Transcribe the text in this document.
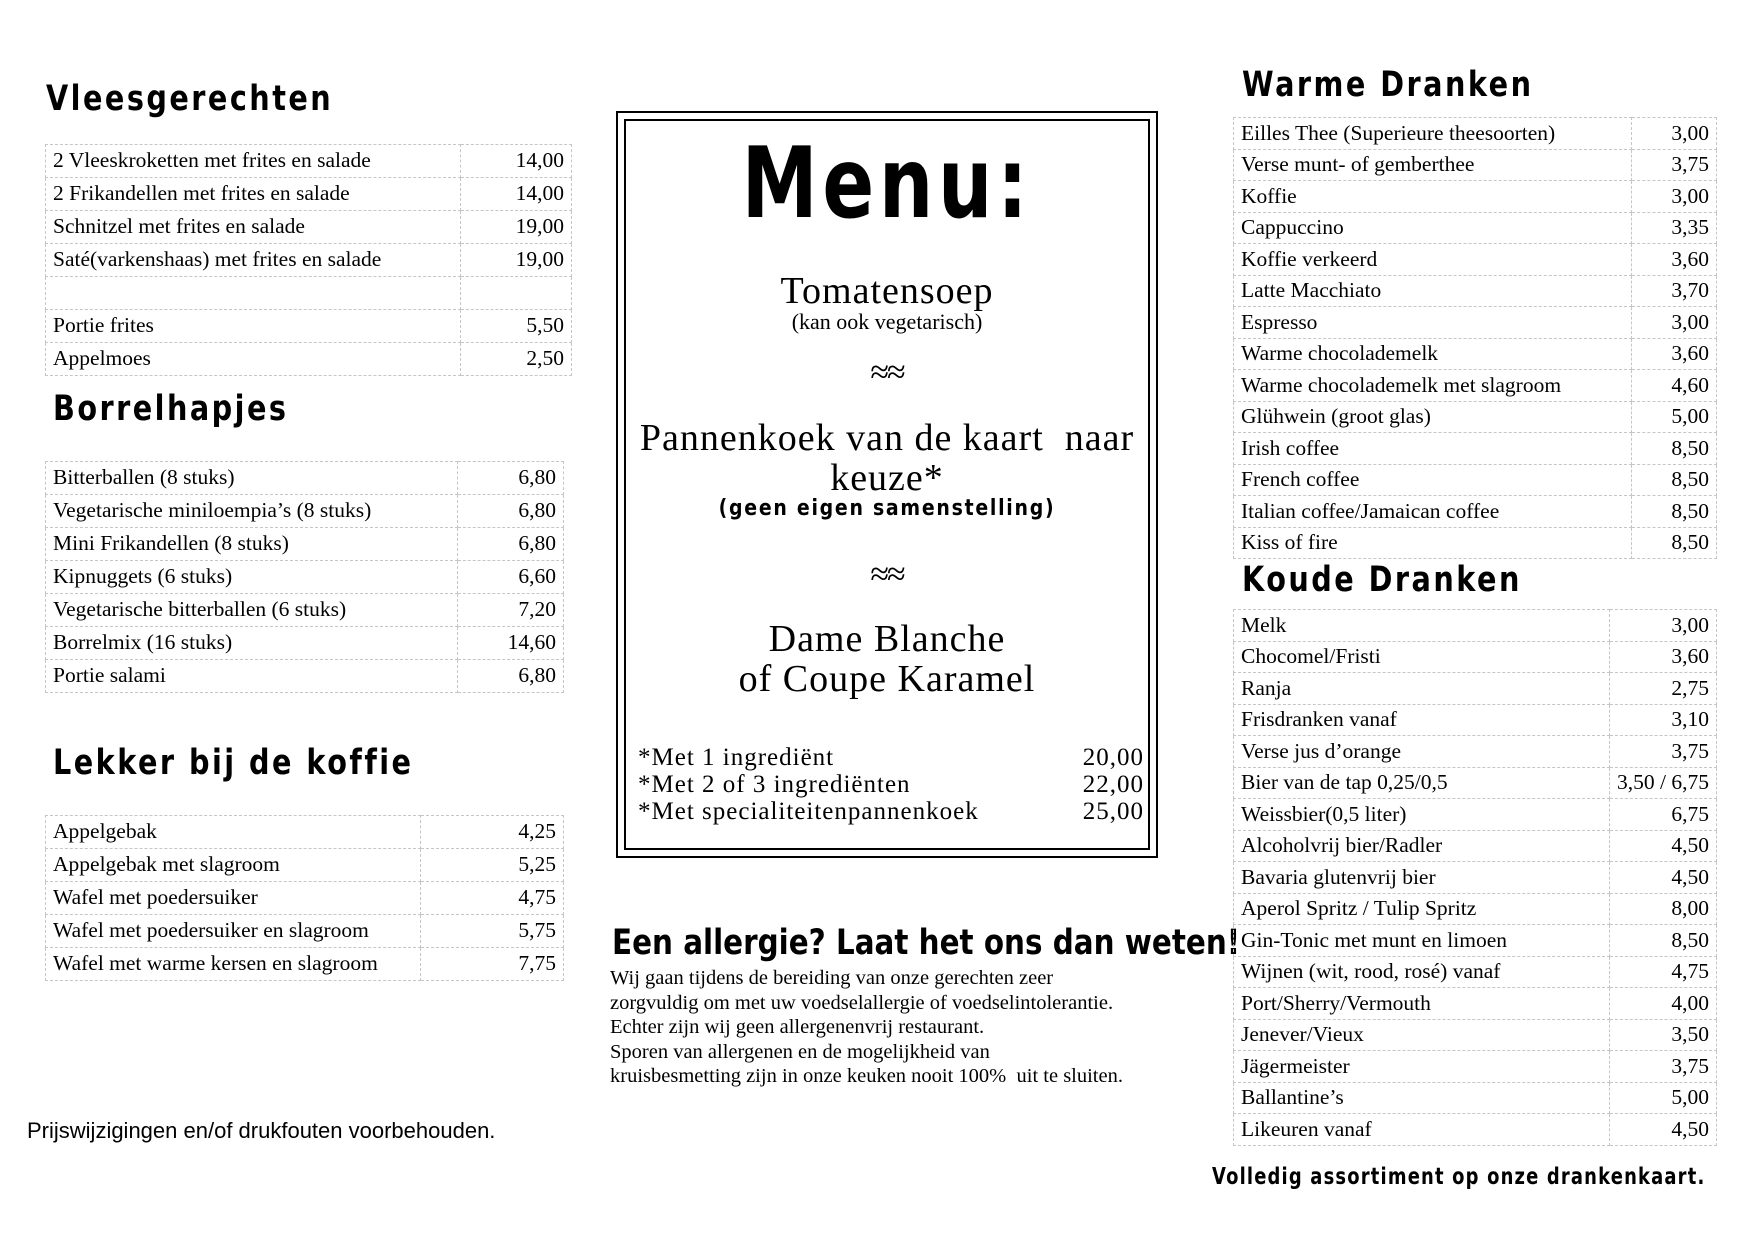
Vleesgerechten
2 Vleeskroketten met frites en salade	14,00
2 Frikandellen met frites en salade	14,00
Schnitzel met frites en salade	19,00
Saté(varkenshaas) met frites en salade	19,00

Portie frites	5,50
Appelmoes	2,50
Borrelhapjes
Bitterballen (8 stuks)	6,80
Vegetarische miniloempia’s (8 stuks)	6,80
Mini Frikandellen (8 stuks)	6,80
Kipnuggets (6 stuks)	6,60
Vegetarische bitterballen (6 stuks)	7,20
Borrelmix (16 stuks)	14,60
Portie salami	6,80
Lekker bij de koffie
Appelgebak	4,25
Appelgebak met slagroom	5,25
Wafel met poedersuiker	4,75
Wafel met poedersuiker en slagroom	5,75
Wafel met warme kersen en slagroom	7,75
Prijswijzigingen en/of drukfouten voorbehouden.
Menu:
Tomatensoep
(kan ook vegetarisch)
≈≈
Pannenkoek van de kaart  naar
keuze*
(geen eigen samenstelling)
≈≈
Dame Blanche
of Coupe Karamel
*Met 1 ingrediënt	20,00
*Met 2 of 3 ingrediënten	22,00
*Met specialiteitenpannenkoek	25,00
Een allergie? Laat het ons dan weten!
Wij gaan tijdens de bereiding van onze gerechten zeer
zorgvuldig om met uw voedselallergie of voedselintolerantie.
Echter zijn wij geen allergenenvrij restaurant.
Sporen van allergenen en de mogelijkheid van
kruisbesmetting zijn in onze keuken nooit 100%  uit te sluiten.
Warme Dranken
Eilles Thee (Superieure theesoorten)	3,00
Verse munt- of gemberthee	3,75
Koffie	3,00
Cappuccino	3,35
Koffie verkeerd	3,60
Latte Macchiato	3,70
Espresso	3,00
Warme chocolademelk	3,60
Warme chocolademelk met slagroom	4,60
Glühwein (groot glas)	5,00
Irish coffee	8,50
French coffee	8,50
Italian coffee/Jamaican coffee	8,50
Kiss of fire	8,50
Koude Dranken
Melk	3,00
Chocomel/Fristi	3,60
Ranja	2,75
Frisdranken vanaf	3,10
Verse jus d’orange	3,75
Bier van de tap 0,25/0,5	3,50 / 6,75
Weissbier(0,5 liter)	6,75
Alcoholvrij bier/Radler	4,50
Bavaria glutenvrij bier	4,50
Aperol Spritz / Tulip Spritz	8,00
Gin-Tonic met munt en limoen	8,50
Wijnen (wit, rood, rosé) vanaf	4,75
Port/Sherry/Vermouth	4,00
Jenever/Vieux	3,50
Jägermeister	3,75
Ballantine’s	5,00
Likeuren vanaf	4,50
Volledig assortiment op onze drankenkaart.
